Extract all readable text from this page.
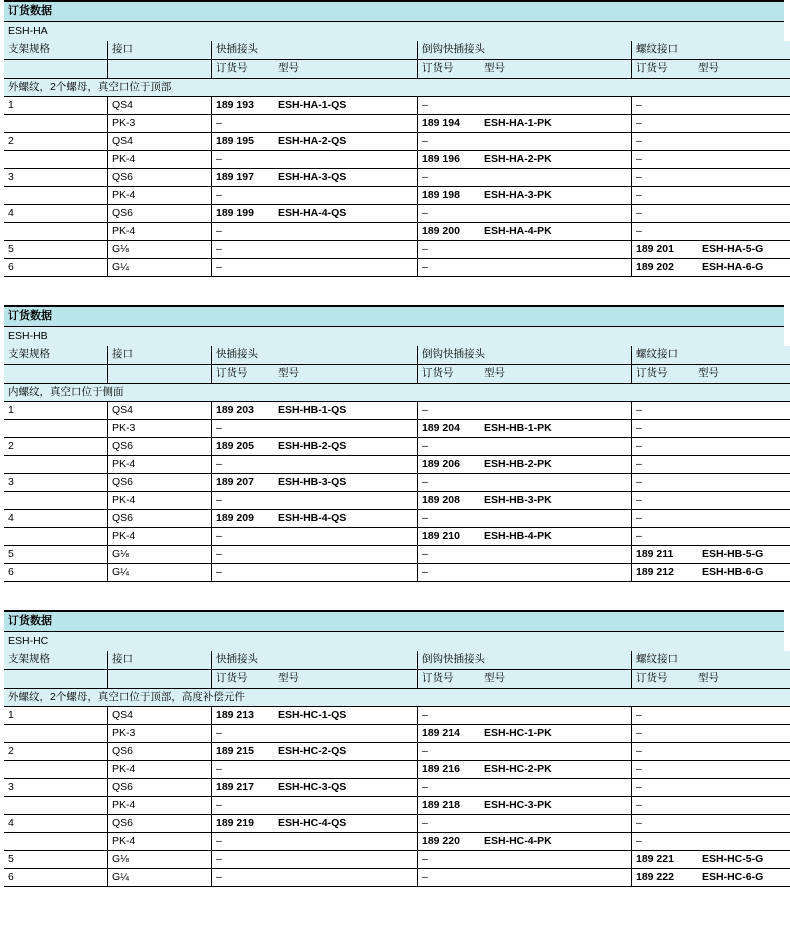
订货数据
ESH-HA
支架规格	接口	快插接头	倒钩快插接头	螺纹接口

		订货号 型号	订货号 型号	订货号 型号

外螺纹，2个螺母，真空口位于顶部				
1	QS4	189 193 ESH-HA-1-QS	–	–
	PK-3	–	189 194 ESH-HA-1-PK	–
2	QS4	189 195 ESH-HA-2-QS	–	–
	PK-4	–	189 196 ESH-HA-2-PK	–
3	QS6	189 197 ESH-HA-3-QS	–	–
	PK-4	–	189 198 ESH-HA-3-PK	–
4	QS6	189 199 ESH-HA-4-QS	–	–
	PK-4	–	189 200 ESH-HA-4-PK	–
5	G⅛	–	–	189 201 ESH-HA-5-G
6	G¼	–	–	189 202 ESH-HA-6-G
订货数据
ESH-HB
支架规格	接口	快插接头	倒钩快插接头	螺纹接口

		订货号 型号	订货号 型号	订货号 型号

内螺纹，真空口位于侧面				
1	QS4	189 203 ESH-HB-1-QS	–	–
	PK-3	–	189 204 ESH-HB-1-PK	–
2	QS6	189 205 ESH-HB-2-QS	–	–
	PK-4	–	189 206 ESH-HB-2-PK	–
3	QS6	189 207 ESH-HB-3-QS	–	–
	PK-4	–	189 208 ESH-HB-3-PK	–
4	QS6	189 209 ESH-HB-4-QS	–	–
	PK-4	–	189 210 ESH-HB-4-PK	–
5	G⅛	–	–	189 211 ESH-HB-5-G
6	G¼	–	–	189 212 ESH-HB-6-G
订货数据
ESH-HC
支架规格	接口	快插接头	倒钩快插接头	螺纹接口

		订货号 型号	订货号 型号	订货号 型号

外螺纹，2个螺母，真空口位于顶部，高度补偿元件				
1	QS4	189 213 ESH-HC-1-QS	–	–
	PK-3	–	189 214 ESH-HC-1-PK	–
2	QS6	189 215 ESH-HC-2-QS	–	–
	PK-4	–	189 216 ESH-HC-2-PK	–
3	QS6	189 217 ESH-HC-3-QS	–	–
	PK-4	–	189 218 ESH-HC-3-PK	–
4	QS6	189 219 ESH-HC-4-QS	–	–
	PK-4	–	189 220 ESH-HC-4-PK	–
5	G⅛	–	–	189 221 ESH-HC-5-G
6	G¼	–	–	189 222 ESH-HC-6-G
